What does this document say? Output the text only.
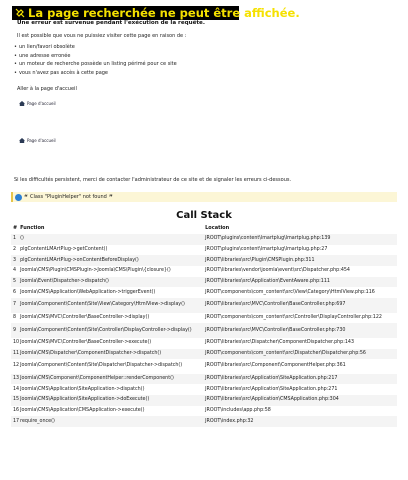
La page recherchée ne peut être affichée.
Une erreur est survenue pendant l'exécution de la requête.
Il est possible que vous ne puissiez visiter cette page en raison de :
• un lien/favori obsolète
• une adresse erronée
• un moteur de recherche possède un listing périmé pour ce site
• vous n'avez pas accès à cette page
Aller à la page d'accueil
Page d'accueil
Page d'accueil
Si les difficultés persistent, merci de contacter l'administrateur de ce site et de signaler les erreurs ci-dessous.
“ Class "PluginHelper" not found ”
Call Stack
#	Function	Location
1	()	JROOT\plugins\content\lmartplug\lmartplug.php:139
2	plgContentLMArtPlug->getContent()	JROOT\plugins\content\lmartplug\lmartplug.php:27
3	plgContentLMArtPlug->onContentBeforeDisplay()	JROOT\libraries\src\Plugin\CMSPlugin.php:311
4	Joomla\CMS\Plugin\CMSPlugin->Joomla\CMS\Plugin\{closure}()	JROOT\libraries\vendor\joomla\event\src\Dispatcher.php:454
5	Joomla\Event\Dispatcher->dispatch()	JROOT\libraries\src\Application\EventAware.php:111
6	Joomla\CMS\Application\WebApplication->triggerEvent()	JROOT\components\com_content\src\View\Category\HtmlView.php:116
7	Joomla\Component\Content\Site\View\Category\HtmlView->display()	JROOT\libraries\src\MVC\Controller\BaseController.php:697
8	Joomla\CMS\MVC\Controller\BaseController->display()	JROOT\components\com_content\src\Controller\DisplayController.php:122
9	Joomla\Component\Content\Site\Controller\DisplayController->display()	JROOT\libraries\src\MVC\Controller\BaseController.php:730
10	Joomla\CMS\MVC\Controller\BaseController->execute()	JROOT\libraries\src\Dispatcher\ComponentDispatcher.php:143
11	Joomla\CMS\Dispatcher\ComponentDispatcher->dispatch()	JROOT\components\com_content\src\Dispatcher\Dispatcher.php:56
12	Joomla\Component\Content\Site\Dispatcher\Dispatcher->dispatch()	JROOT\libraries\src\Component\ComponentHelper.php:361
13	Joomla\CMS\Component\ComponentHelper::renderComponent()	JROOT\libraries\src\Application\SiteApplication.php:217
14	Joomla\CMS\Application\SiteApplication->dispatch()	JROOT\libraries\src\Application\SiteApplication.php:271
15	Joomla\CMS\Application\SiteApplication->doExecute()	JROOT\libraries\src\Application\CMSApplication.php:304
16	Joomla\CMS\Application\CMSApplication->execute()	JROOT\includes\app.php:58
17	require_once()	JROOT\index.php:32
